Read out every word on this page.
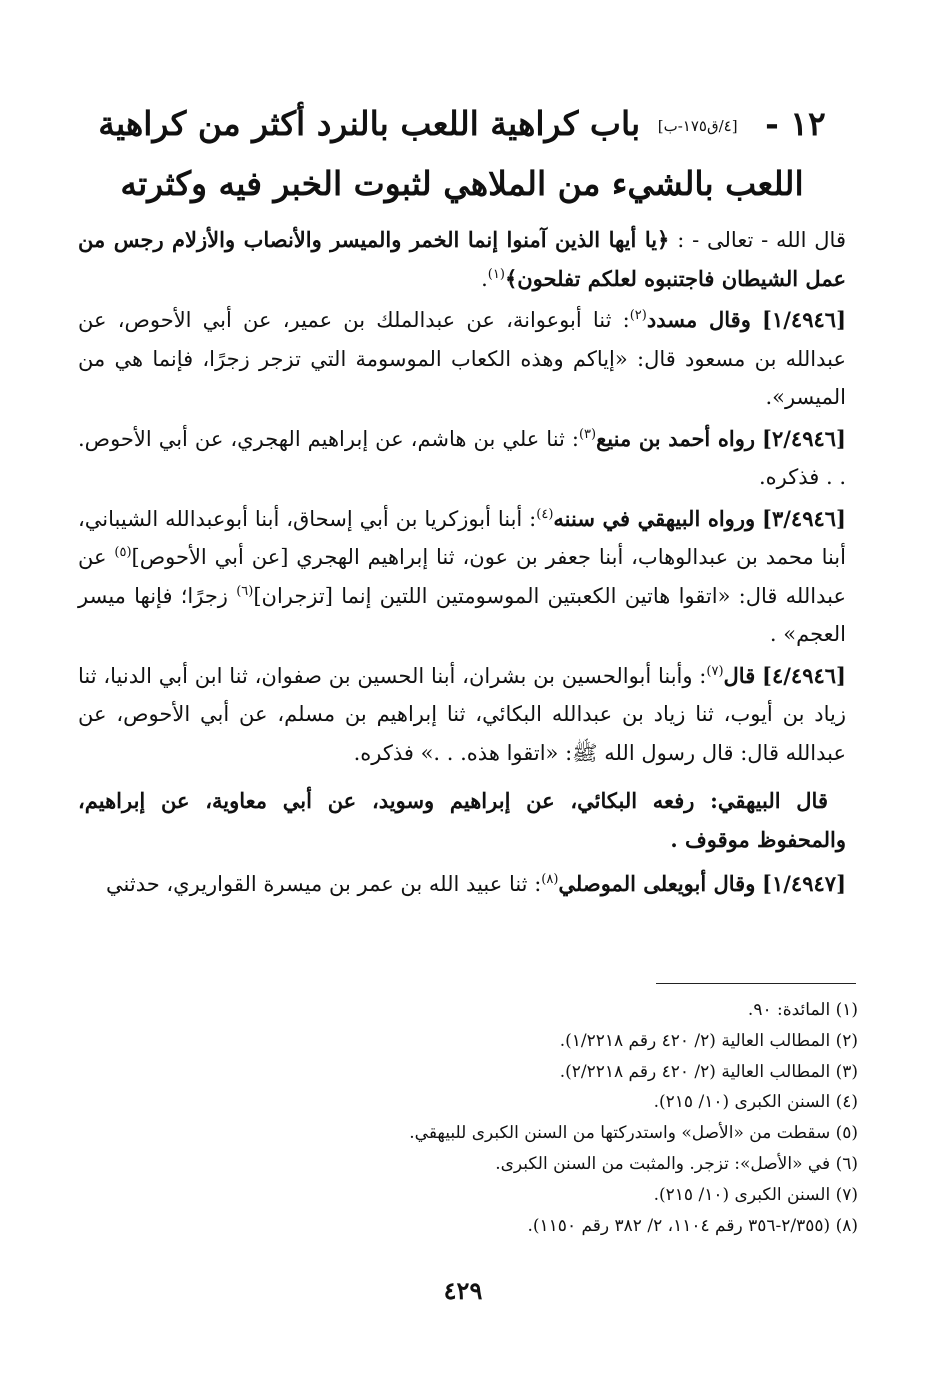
١٢ - [٤/ق١٧٥-ب] باب كراهية اللعب بالنرد أكثر من كراهية
اللعب بالشيء من الملاهي لثبوت الخبر فيه وكثرته

قال الله - تعالى - : ﴿يا أيها الذين آمنوا إنما الخمر والميسر والأنصاب والأزلام رجس من عمل الشيطان فاجتنبوه لعلكم تفلحون﴾$^{(١)}$.

[١/٤٩٤٦] وقال مسدد$^{(٢)}$: ثنا أبوعوانة، عن عبدالملك بن عمير، عن أبي الأحوص، عن عبدالله بن مسعود قال: «إياكم وهذه الكعاب الموسومة التي تزجر زجرًا، فإنما هي من الميسر».

[٢/٤٩٤٦] رواه أحمد بن منيع$^{(٣)}$: ثنا علي بن هاشم، عن إبراهيم الهجري، عن أبي الأحوص. . . فذكره.

[٣/٤٩٤٦] ورواه البيهقي في سننه$^{(٤)}$: أبنا أبوزكريا بن أبي إسحاق، أبنا أبوعبدالله الشيباني، أبنا محمد بن عبدالوهاب، أبنا جعفر بن عون، ثنا إبراهيم الهجري [عن أبي الأحوص]$^{(٥)}$ عن عبدالله قال: «اتقوا هاتين الكعبتين الموسومتين اللتين إنما [تزجران]$^{(٦)}$ زجرًا؛ فإنها ميسر العجم» .

[٤/٤٩٤٦] قال$^{(٧)}$: وأبنا أبوالحسين بن بشران، أبنا الحسين بن صفوان، ثنا ابن أبي الدنيا، ثنا زياد بن أيوب، ثنا زياد بن عبدالله البكائي، ثنا إبراهيم بن مسلم، عن أبي الأحوص، عن عبدالله قال: قال رسول الله ﷺ: «اتقوا هذه. . .» فذكره.

قال البيهقي: رفعه البكائي، عن إبراهيم وسويد، عن أبي معاوية، عن إبراهيم، والمحفوظ موقوف .

[١/٤٩٤٧] وقال أبويعلى الموصلي$^{(٨)}$: ثنا عبيد الله بن عمر بن ميسرة القواريري، حدثني

(١) المائدة: ٩٠.
(٢) المطالب العالية (٢/ ٤٢٠ رقم ١/٢٢١٨).
(٣) المطالب العالية (٢/ ٤٢٠ رقم ٢/٢٢١٨).
(٤) السنن الكبرى (١٠/ ٢١٥).
(٥) سقطت من «الأصل» واستدركتها من السنن الكبرى للبيهقي.
(٦) في «الأصل»: تزجر. والمثبت من السنن الكبرى.
(٧) السنن الكبرى (١٠/ ٢١٥).
(٨) (٢/٣٥٥-٣٥٦ رقم ١١٠٤، ٢/ ٣٨٢ رقم ١١٥٠).
٤٢٩
